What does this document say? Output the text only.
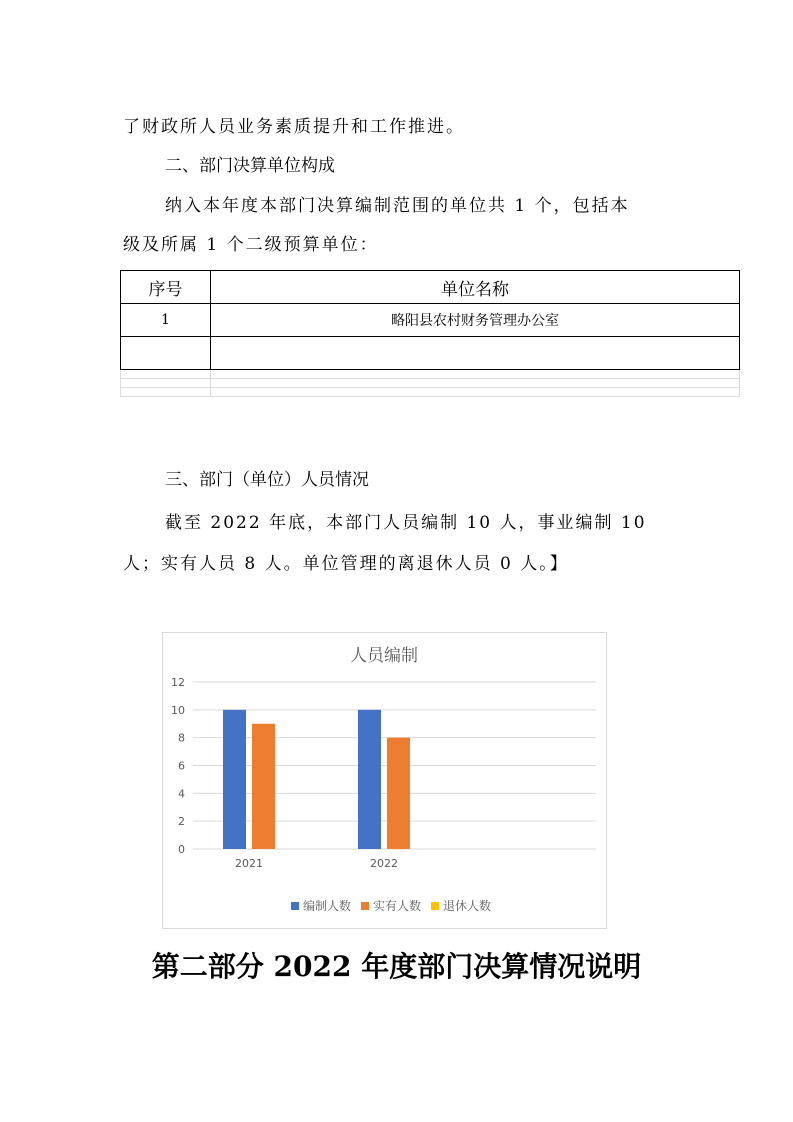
了财政所人员业务素质提升和工作推进。
二、部门决算单位构成
纳入本年度本部门决算编制范围的单位共 1 个，包括本
级及所属 1 个二级预算单位：
序号	单位名称
1	略阳县农村财务管理办公室

三、部门（单位）人员情况
截至 2022 年底，本部门人员编制 10 人，事业编制 10
人；实有人员 8 人。单位管理的离退休人员 0 人。】
人员编制
0
2
4
6
8
10
12
2021	2022
编制人数 实有人数 退休人数
第二部分 2022 年度部门决算情况说明
